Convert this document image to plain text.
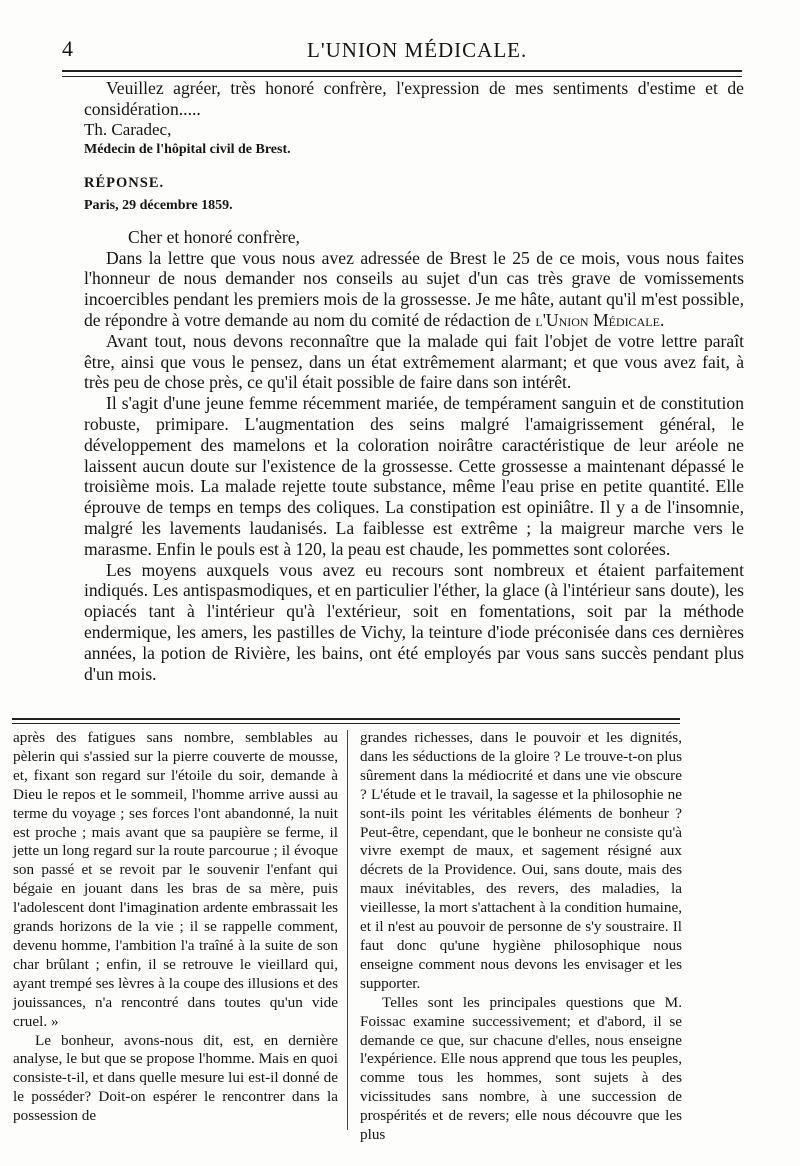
4	L'UNION MÉDICALE.

Veuillez agréer, très honoré confrère, l'expression de mes sentiments d'estime et de considération.....

Th. Caradec,

Médecin de l'hôpital civil de Brest.

RÉPONSE.

Paris, 29 décembre 1859.

Cher et honoré confrère,

Dans la lettre que vous nous avez adressée de Brest le 25 de ce mois, vous nous faites l'honneur de nous demander nos conseils au sujet d'un cas très grave de vomissements incoercibles pendant les premiers mois de la grossesse. Je me hâte, autant qu'il m'est possible, de répondre à votre demande au nom du comité de rédaction de l'Union Médicale.

Avant tout, nous devons reconnaître que la malade qui fait l'objet de votre lettre paraît être, ainsi que vous le pensez, dans un état extrêmement alarmant; et que vous avez fait, à très peu de chose près, ce qu'il était possible de faire dans son intérêt.

Il s'agit d'une jeune femme récemment mariée, de tempérament sanguin et de constitution robuste, primipare. L'augmentation des seins malgré l'amaigrissement général, le développement des mamelons et la coloration noirâtre caractéristique de leur aréole ne laissent aucun doute sur l'existence de la grossesse. Cette grossesse a maintenant dépassé le troisième mois. La malade rejette toute substance, même l'eau prise en petite quantité. Elle éprouve de temps en temps des coliques. La constipation est opiniâtre. Il y a de l'insomnie, malgré les lavements laudanisés. La faiblesse est extrême ; la maigreur marche vers le marasme. Enfin le pouls est à 120, la peau est chaude, les pommettes sont colorées.

Les moyens auxquels vous avez eu recours sont nombreux et étaient parfaitement indiqués. Les antispasmodiques, et en particulier l'éther, la glace (à l'intérieur sans doute), les opiacés tant à l'intérieur qu'à l'extérieur, soit en fomentations, soit par la méthode endermique, les amers, les pastilles de Vichy, la teinture d'iode préconisée dans ces dernières années, la potion de Rivière, les bains, ont été employés par vous sans succès pendant plus d'un mois.

après des fatigues sans nombre, semblables au pèlerin qui s'assied sur la pierre couverte de mousse, et, fixant son regard sur l'étoile du soir, demande à Dieu le repos et le sommeil, l'homme arrive aussi au terme du voyage ; ses forces l'ont abandonné, la nuit est proche ; mais avant que sa paupière se ferme, il jette un long regard sur la route parcourue ; il évoque son passé et se revoit par le souvenir l'enfant qui bégaie en jouant dans les bras de sa mère, puis l'adolescent dont l'imagination ardente embrassait les grands horizons de la vie ; il se rappelle comment, devenu homme, l'ambition l'a traîné à la suite de son char brûlant ; enfin, il se retrouve le vieillard qui, ayant trempé ses lèvres à la coupe des illusions et des jouissances, n'a rencontré dans toutes qu'un vide cruel. »

Le bonheur, avons-nous dit, est, en dernière analyse, le but que se propose l'homme. Mais en quoi consiste-t-il, et dans quelle mesure lui est-il donné de le posséder? Doit-on espérer le rencontrer dans la possession de

grandes richesses, dans le pouvoir et les dignités, dans les séductions de la gloire ? Le trouve-t-on plus sûrement dans la médiocrité et dans une vie obscure ? L'étude et le travail, la sagesse et la philosophie ne sont-ils point les véritables éléments de bonheur ? Peut-être, cependant, que le bonheur ne consiste qu'à vivre exempt de maux, et sagement résigné aux décrets de la Providence. Oui, sans doute, mais des maux inévitables, des revers, des maladies, la vieillesse, la mort s'attachent à la condition humaine, et il n'est au pouvoir de personne de s'y soustraire. Il faut donc qu'une hygiène philosophique nous enseigne comment nous devons les envisager et les supporter.

Telles sont les principales questions que M. Foissac examine successivement; et d'abord, il se demande ce que, sur chacune d'elles, nous enseigne l'expérience. Elle nous apprend que tous les peuples, comme tous les hommes, sont sujets à des vicissitudes sans nombre, à une succession de prospérités et de revers; elle nous découvre que les plus
